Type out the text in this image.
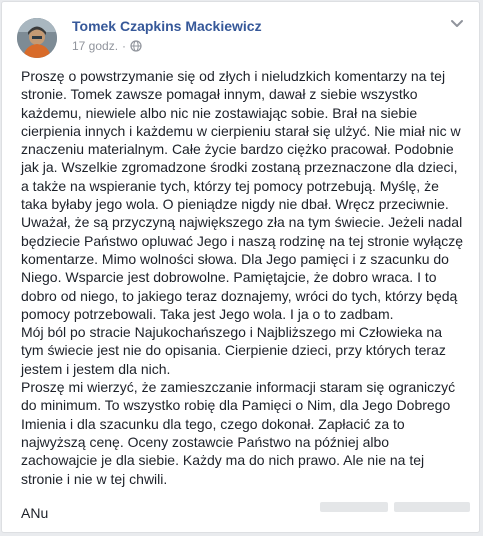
Tomek Czapkins Mackiewicz
17 godz. ·

Proszę o powstrzymanie się od złych i nieludzkich komentarzy na tej stronie. Tomek zawsze pomagał innym, dawał z siebie wszystko każdemu, niewiele albo nic nie zostawiając sobie. Brał na siebie cierpienia innych i każdemu w cierpieniu starał się ulżyć. Nie miał nic w znaczeniu materialnym. Całe życie bardzo ciężko pracował. Podobnie jak ja. Wszelkie zgromadzone środki zostaną przeznaczone dla dzieci, a także na wspieranie tych, którzy tej pomocy potrzebują. Myślę, że taka byłaby jego wola. O pieniądze nigdy nie dbał. Wręcz przeciwnie.

Uważał, że są przyczyną największego zła na tym świecie. Jeżeli nadal będziecie Państwo opluwać Jego i naszą rodzinę na tej stronie wyłączę komentarze. Mimo wolności słowa. Dla Jego pamięci i z szacunku do Niego. Wsparcie jest dobrowolne. Pamiętajcie, że dobro wraca. I to dobro od niego, to jakiego teraz doznajemy, wróci do tych, którzy będą pomocy potrzebowali. Taka jest Jego wola. I ja o to zadbam.

Mój ból po stracie Najukochańszego i Najbliższego mi Człowieka na tym świecie jest nie do opisania. Cierpienie dzieci, przy których teraz jestem i jestem dla nich.

Proszę mi wierzyć, że zamieszczanie informacji staram się ograniczyć do minimum. To wszystko robię dla Pamięci o Nim, dla Jego Dobrego Imienia i dla szacunku dla tego, czego dokonał. Zapłacić za to najwyższą cenę. Oceny zostawcie Państwo na później albo zachowajcie je dla siebie. Każdy ma do nich prawo. Ale nie na tej stronie i nie w tej chwili.

ANu
